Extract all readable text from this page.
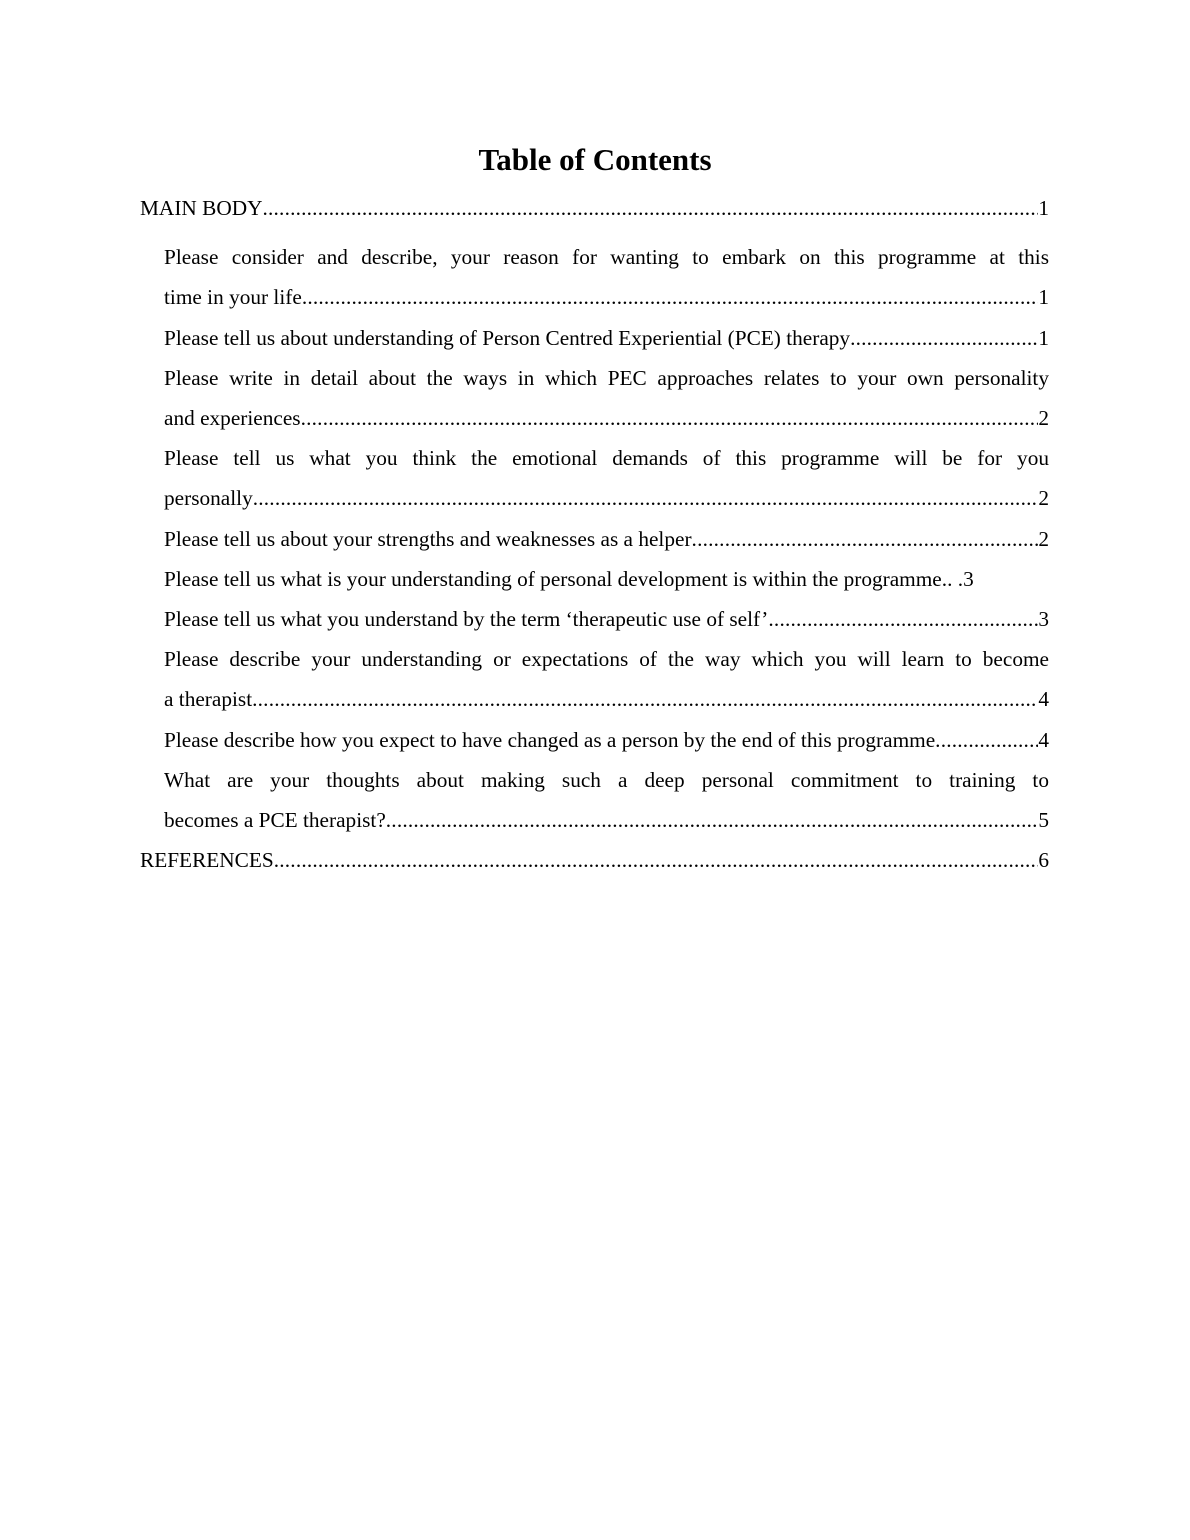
Table of Contents
MAIN BODY .....	1
Please consider and describe, your reason for wanting to embark on this programme at this
time in your life .....	1
Please tell us about understanding of Person Centred Experiential (PCE) therapy .....	1
Please write in detail about the ways in which PEC approaches relates to your own personality
and experiences .....	2
Please tell us what you think the emotional demands of this programme will be for you
personally .....	2
Please tell us about your strengths and weaknesses as a helper .....	2
Please tell us what is your understanding of personal development is within the programme.. . 3
Please tell us what you understand by the term ‘therapeutic use of self’ .....	3
Please describe your understanding or expectations of the way which you will learn to become
a therapist .....	4
Please describe how you expect to have changed as a person by the end of this programme .....	4
What are your thoughts about making such a deep personal commitment to training to
becomes a PCE therapist? .....	5
REFERENCES .....	6
